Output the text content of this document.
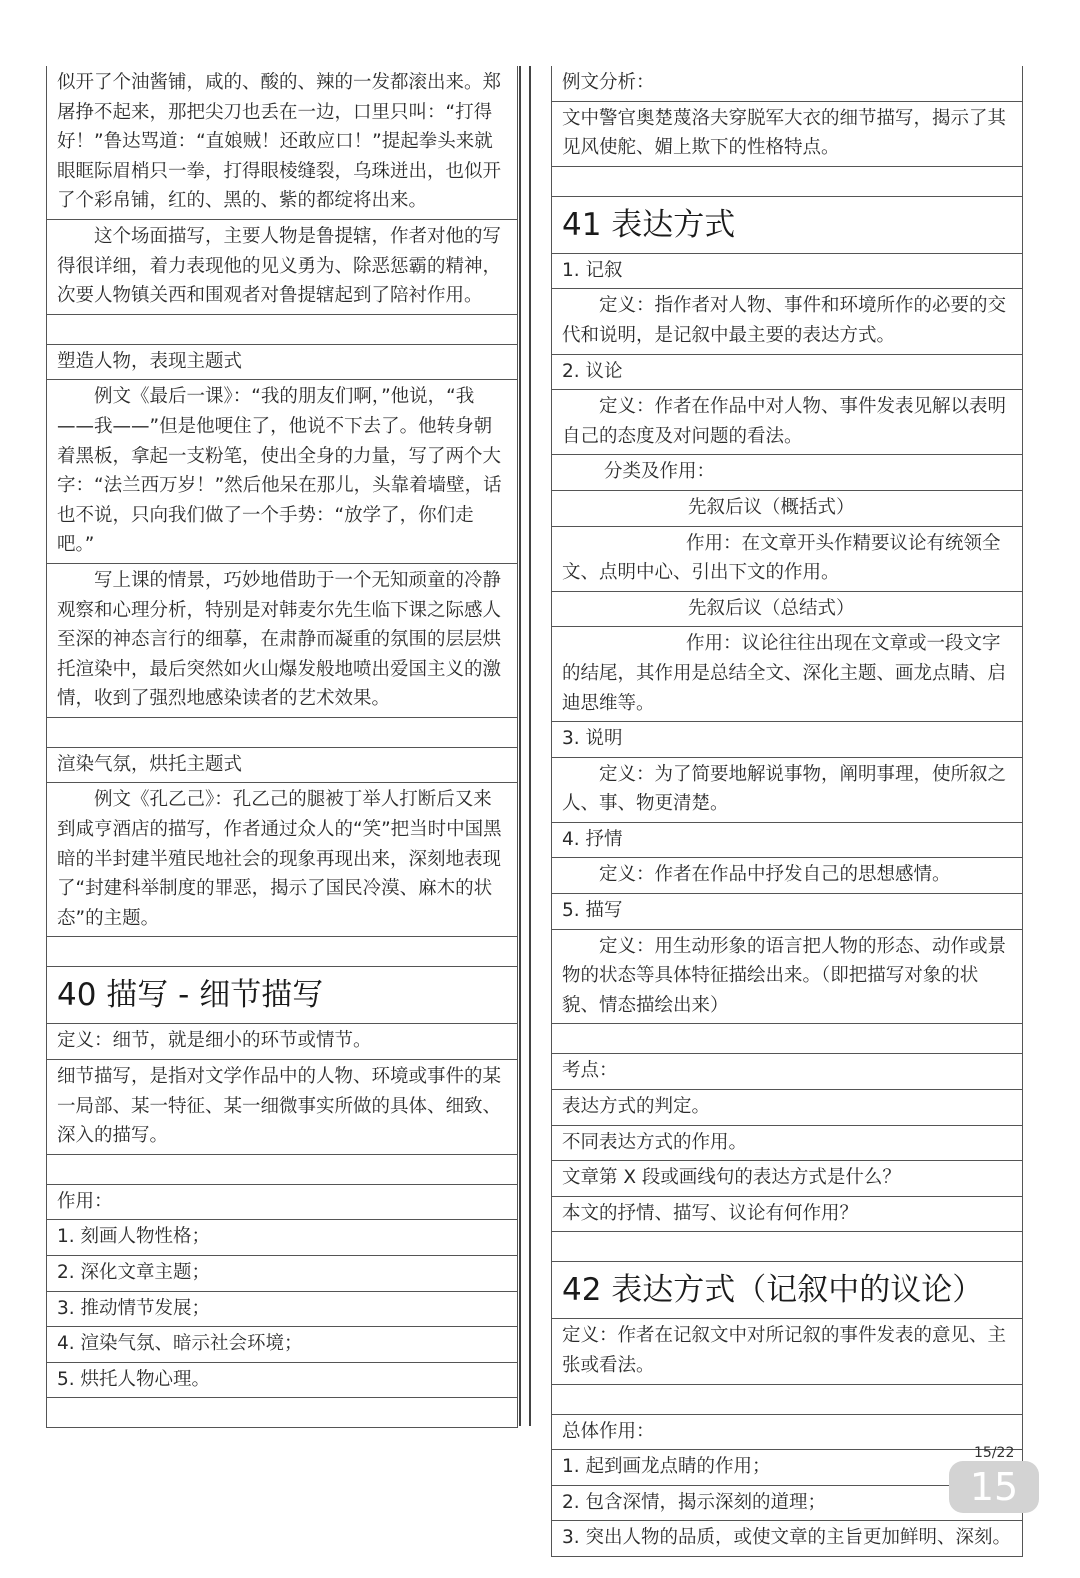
似开了个油酱铺，咸的、酸的、辣的一发都滚出来。郑屠挣不起来，那把尖刀也丢在一边，口里只叫：“打得好！”鲁达骂道：“直娘贼！还敢应口！”提起拳头来就眼眶际眉梢只一拳，打得眼棱缝裂，乌珠迸出，也似开了个彩帛铺，红的、黑的、紫的都绽将出来。
这个场面描写，主要人物是鲁提辖，作者对他的写得很详细，着力表现他的见义勇为、除恶惩霸的精神，次要人物镇关西和围观者对鲁提辖起到了陪衬作用。
塑造人物，表现主题式
例文《最后一课》：“我的朋友们啊，”他说，“我——我——”但是他哽住了，他说不下去了。他转身朝着黑板，拿起一支粉笔，使出全身的力量，写了两个大字：“法兰西万岁！”然后他呆在那儿，头靠着墙壁，话也不说，只向我们做了一个手势：“放学了，你们走吧。”
写上课的情景，巧妙地借助于一个无知顽童的冷静观察和心理分析，特别是对韩麦尔先生临下课之际感人至深的神态言行的细摹，在肃静而凝重的氛围的层层烘托渲染中，最后突然如火山爆发般地喷出爱国主义的激情，收到了强烈地感染读者的艺术效果。
渲染气氛，烘托主题式
例文《孔乙己》：孔乙己的腿被丁举人打断后又来到咸亨酒店的描写，作者通过众人的“笑”把当时中国黑暗的半封建半殖民地社会的现象再现出来，深刻地表现了“封建科举制度的罪恶，揭示了国民冷漠、麻木的状态”的主题。
40 描写 - 细节描写
定义：细节，就是细小的环节或情节。
细节描写，是指对文学作品中的人物、环境或事件的某一局部、某一特征、某一细微事实所做的具体、细致、深入的描写。
作用：
1. 刻画人物性格；
2. 深化文章主题；
3. 推动情节发展；
4. 渲染气氛、暗示社会环境；
5. 烘托人物心理。
例文分析：
文中警官奥楚蔑洛夫穿脱军大衣的细节描写，揭示了其见风使舵、媚上欺下的性格特点。
41 表达方式
1. 记叙
定义：指作者对人物、事件和环境所作的必要的交代和说明，是记叙中最主要的表达方式。
2. 议论
定义：作者在作品中对人物、事件发表见解以表明自己的态度及对问题的看法。
分类及作用：
先叙后议（概括式）
作用：在文章开头作精要议论有统领全文、点明中心、引出下文的作用。
先叙后议（总结式）
作用：议论往往出现在文章或一段文字的结尾，其作用是总结全文、深化主题、画龙点睛、启迪思维等。
3. 说明
定义：为了简要地解说事物，阐明事理，使所叙之人、事、物更清楚。
4. 抒情
定义：作者在作品中抒发自己的思想感情。
5. 描写
定义：用生动形象的语言把人物的形态、动作或景物的状态等具体特征描绘出来。（即把描写对象的状貌、情态描绘出来）
考点：
表达方式的判定。
不同表达方式的作用。
文章第 X 段或画线句的表达方式是什么？
本文的抒情、描写、议论有何作用？
42 表达方式（记叙中的议论）
定义：作者在记叙文中对所记叙的事件发表的意见、主张或看法。
总体作用：
1. 起到画龙点睛的作用；
2. 包含深情，揭示深刻的道理；
3. 突出人物的品质，或使文章的主旨更加鲜明、深刻。
15/22
15
